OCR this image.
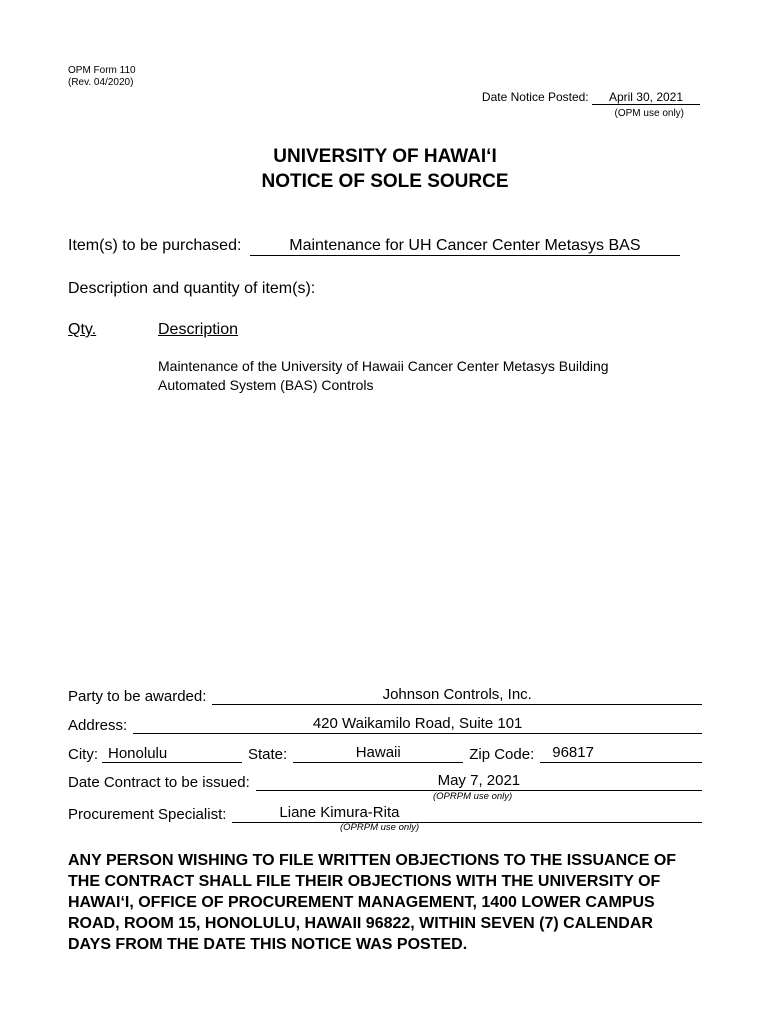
OPM Form 110
(Rev. 04/2020)
Date Notice Posted: April 30, 2021
(OPM use only)
UNIVERSITY OF HAWAI‘I
NOTICE OF SOLE SOURCE
Item(s) to be purchased:	Maintenance for UH Cancer Center Metasys BAS
Description and quantity of item(s):
Qty.	Description
Maintenance of the University of Hawaii Cancer Center Metasys Building Automated System (BAS) Controls
Party to be awarded:	Johnson Controls, Inc.
Address:	420 Waikamilo Road, Suite 101
City: Honolulu	State:	Hawaii	Zip Code:	96817
Date Contract to be issued:	May 7, 2021
(OPRPM use only)
Procurement Specialist:	Liane Kimura-Rita
(OPRPM use only)
ANY PERSON WISHING TO FILE WRITTEN OBJECTIONS TO THE ISSUANCE OF THE CONTRACT SHALL FILE THEIR OBJECTIONS WITH THE UNIVERSITY OF HAWAI‘I, OFFICE OF PROCUREMENT MANAGEMENT, 1400 LOWER CAMPUS ROAD, ROOM 15, HONOLULU, HAWAII 96822, WITHIN SEVEN (7) CALENDAR DAYS FROM THE DATE THIS NOTICE WAS POSTED.
